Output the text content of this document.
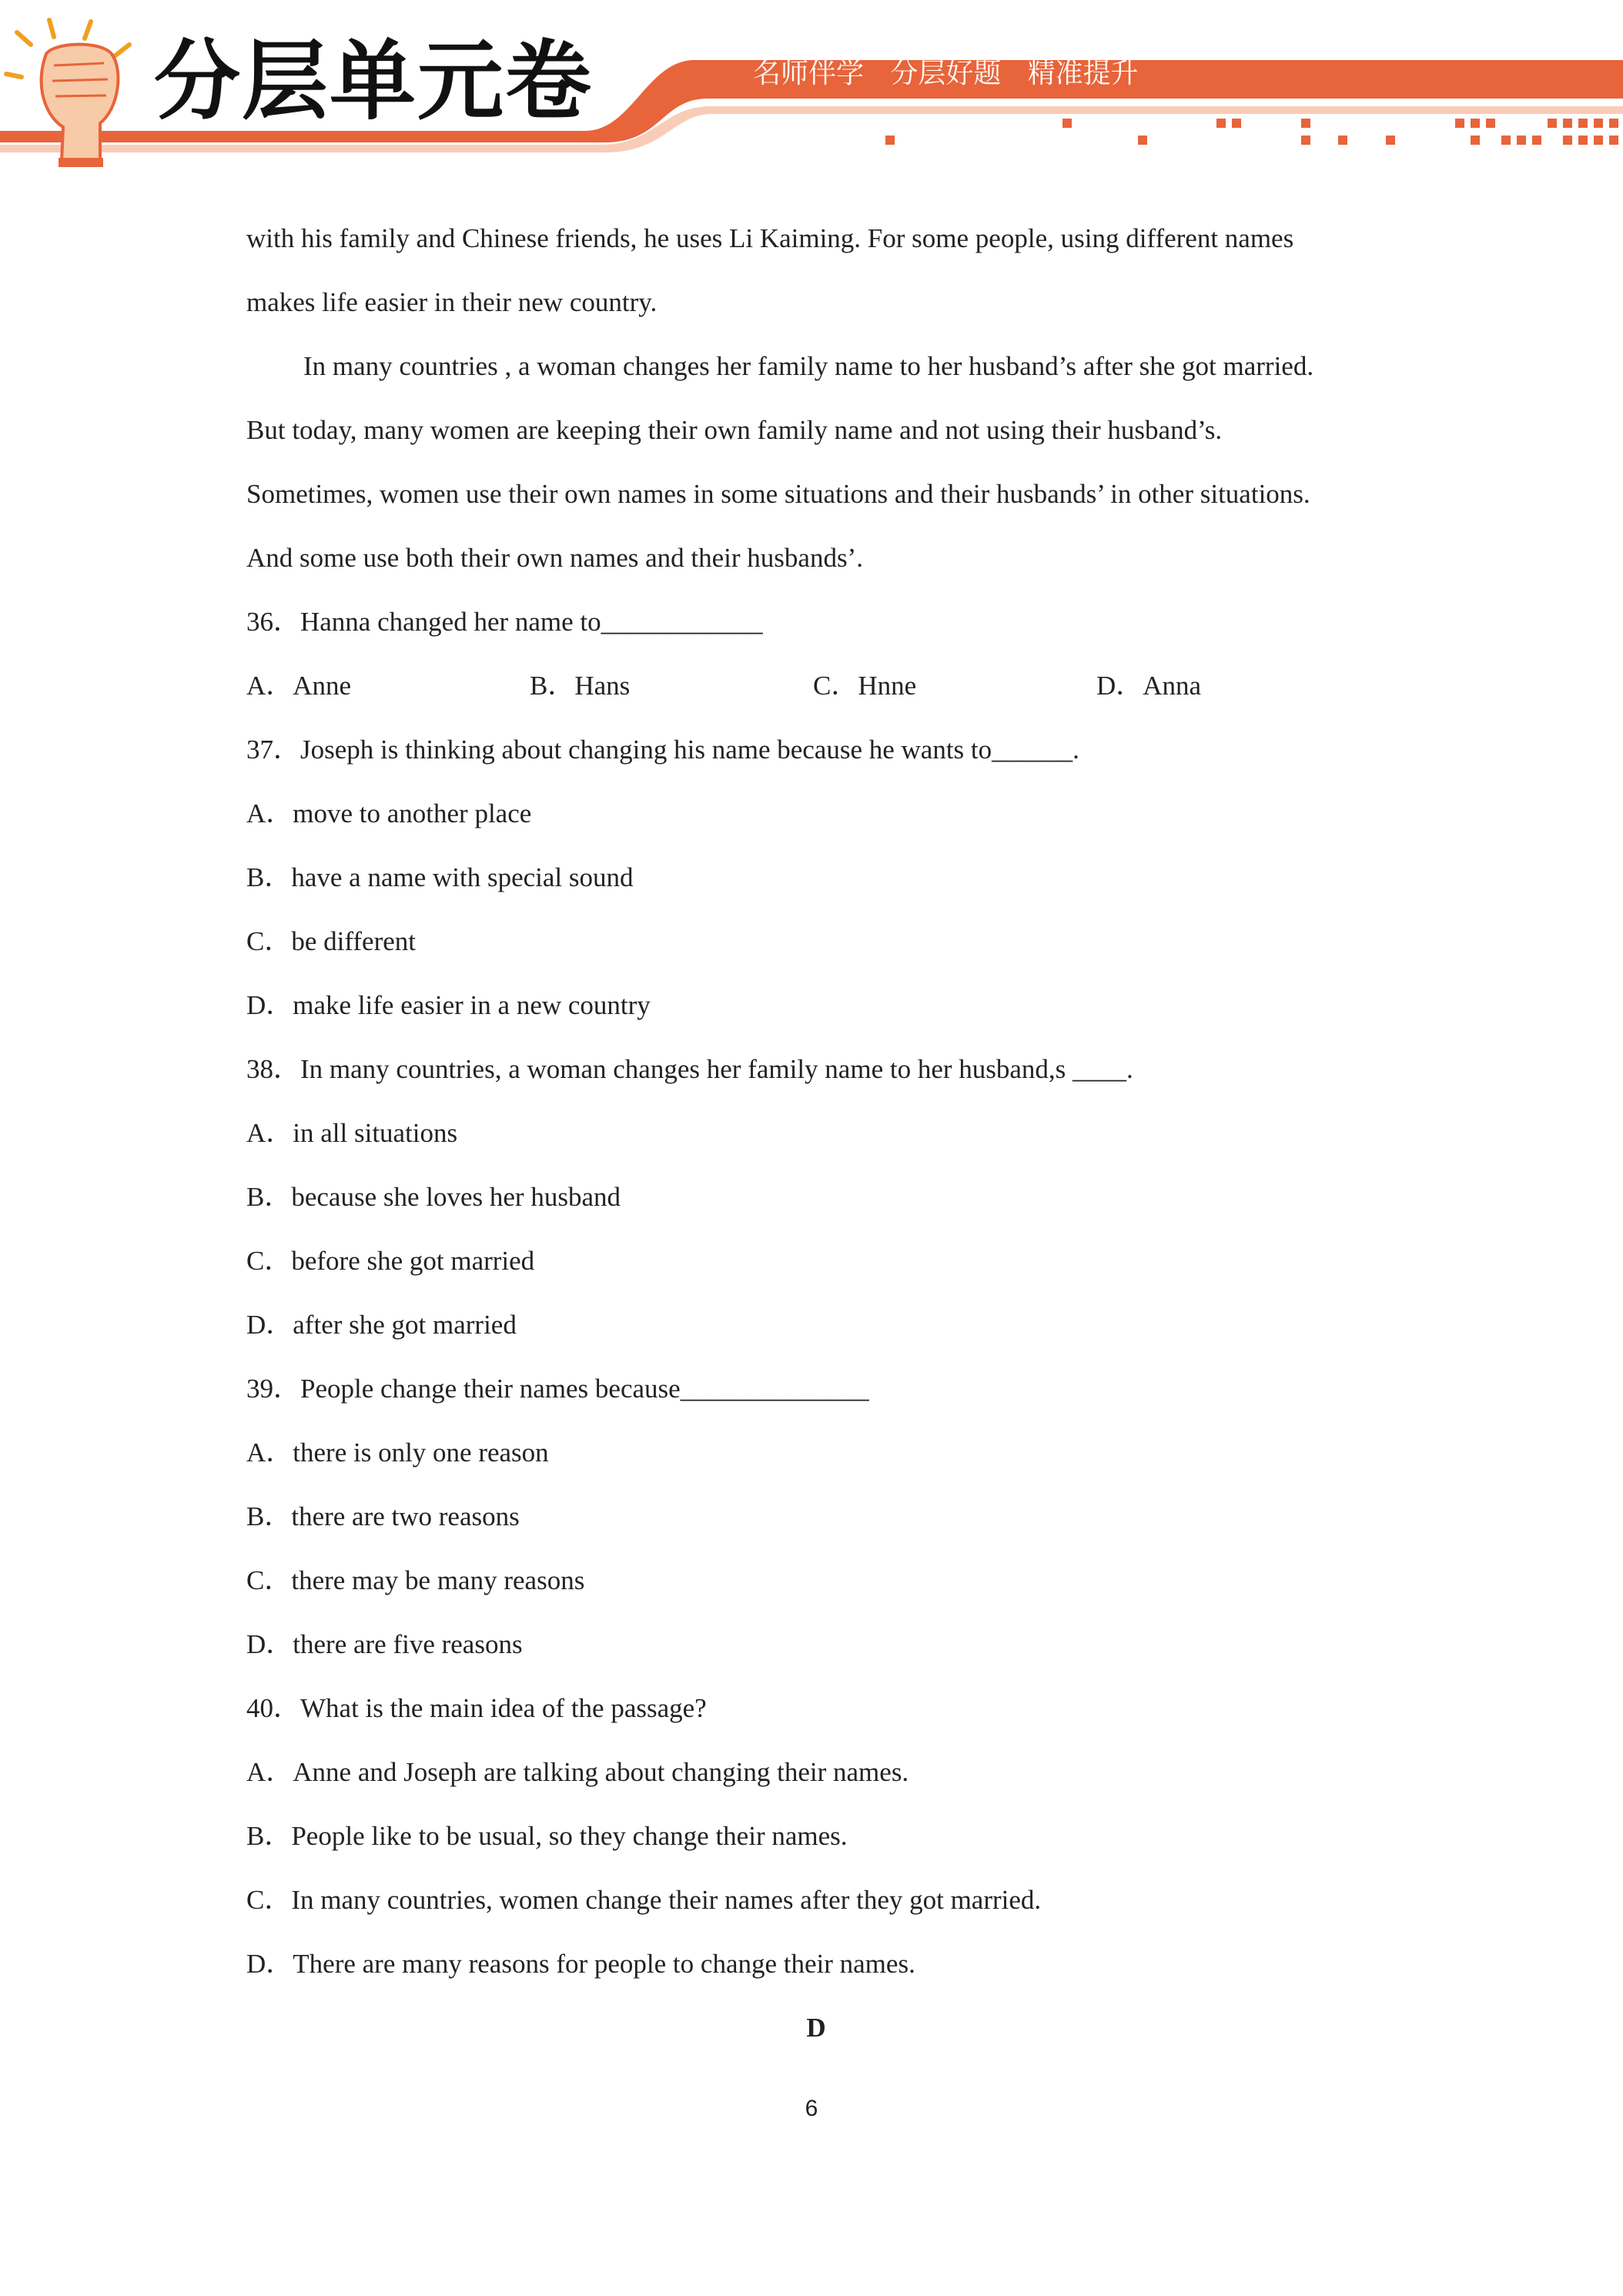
分层单元卷	名师伴学   分层好题   精准提升
with his family and Chinese friends, he uses Li Kaiming. For some people, using different names
makes life easier in their new country.
In many countries , a woman changes her family name to her husband’s after she got married.
But today, many women are keeping their own family name and not using their husband’s.
Sometimes, women use their own names in some situations and their husbands’ in other situations.
And some use both their own names and their husbands’.
36．Hanna changed her name to____________
A．Anne	B．Hans	C．Hnne	D．Anna
37．Joseph is thinking about changing his name because he wants to______.
A．move to another place
B．have a name with special sound
C．be different
D．make life easier in a new country
38．In many countries, a woman changes her family name to her husband,s ____.
A．in all situations
B．because she loves her husband
C．before she got married
D．after she got married
39．People change their names because______________
A．there is only one reason
B．there are two reasons
C．there may be many reasons
D．there are five reasons
40．What is the main idea of the passage?
A．Anne and Joseph are talking about changing their names.
B．People like to be usual, so they change their names.
C．In many countries, women change their names after they got married.
D．There are many reasons for people to change their names.
D
6
